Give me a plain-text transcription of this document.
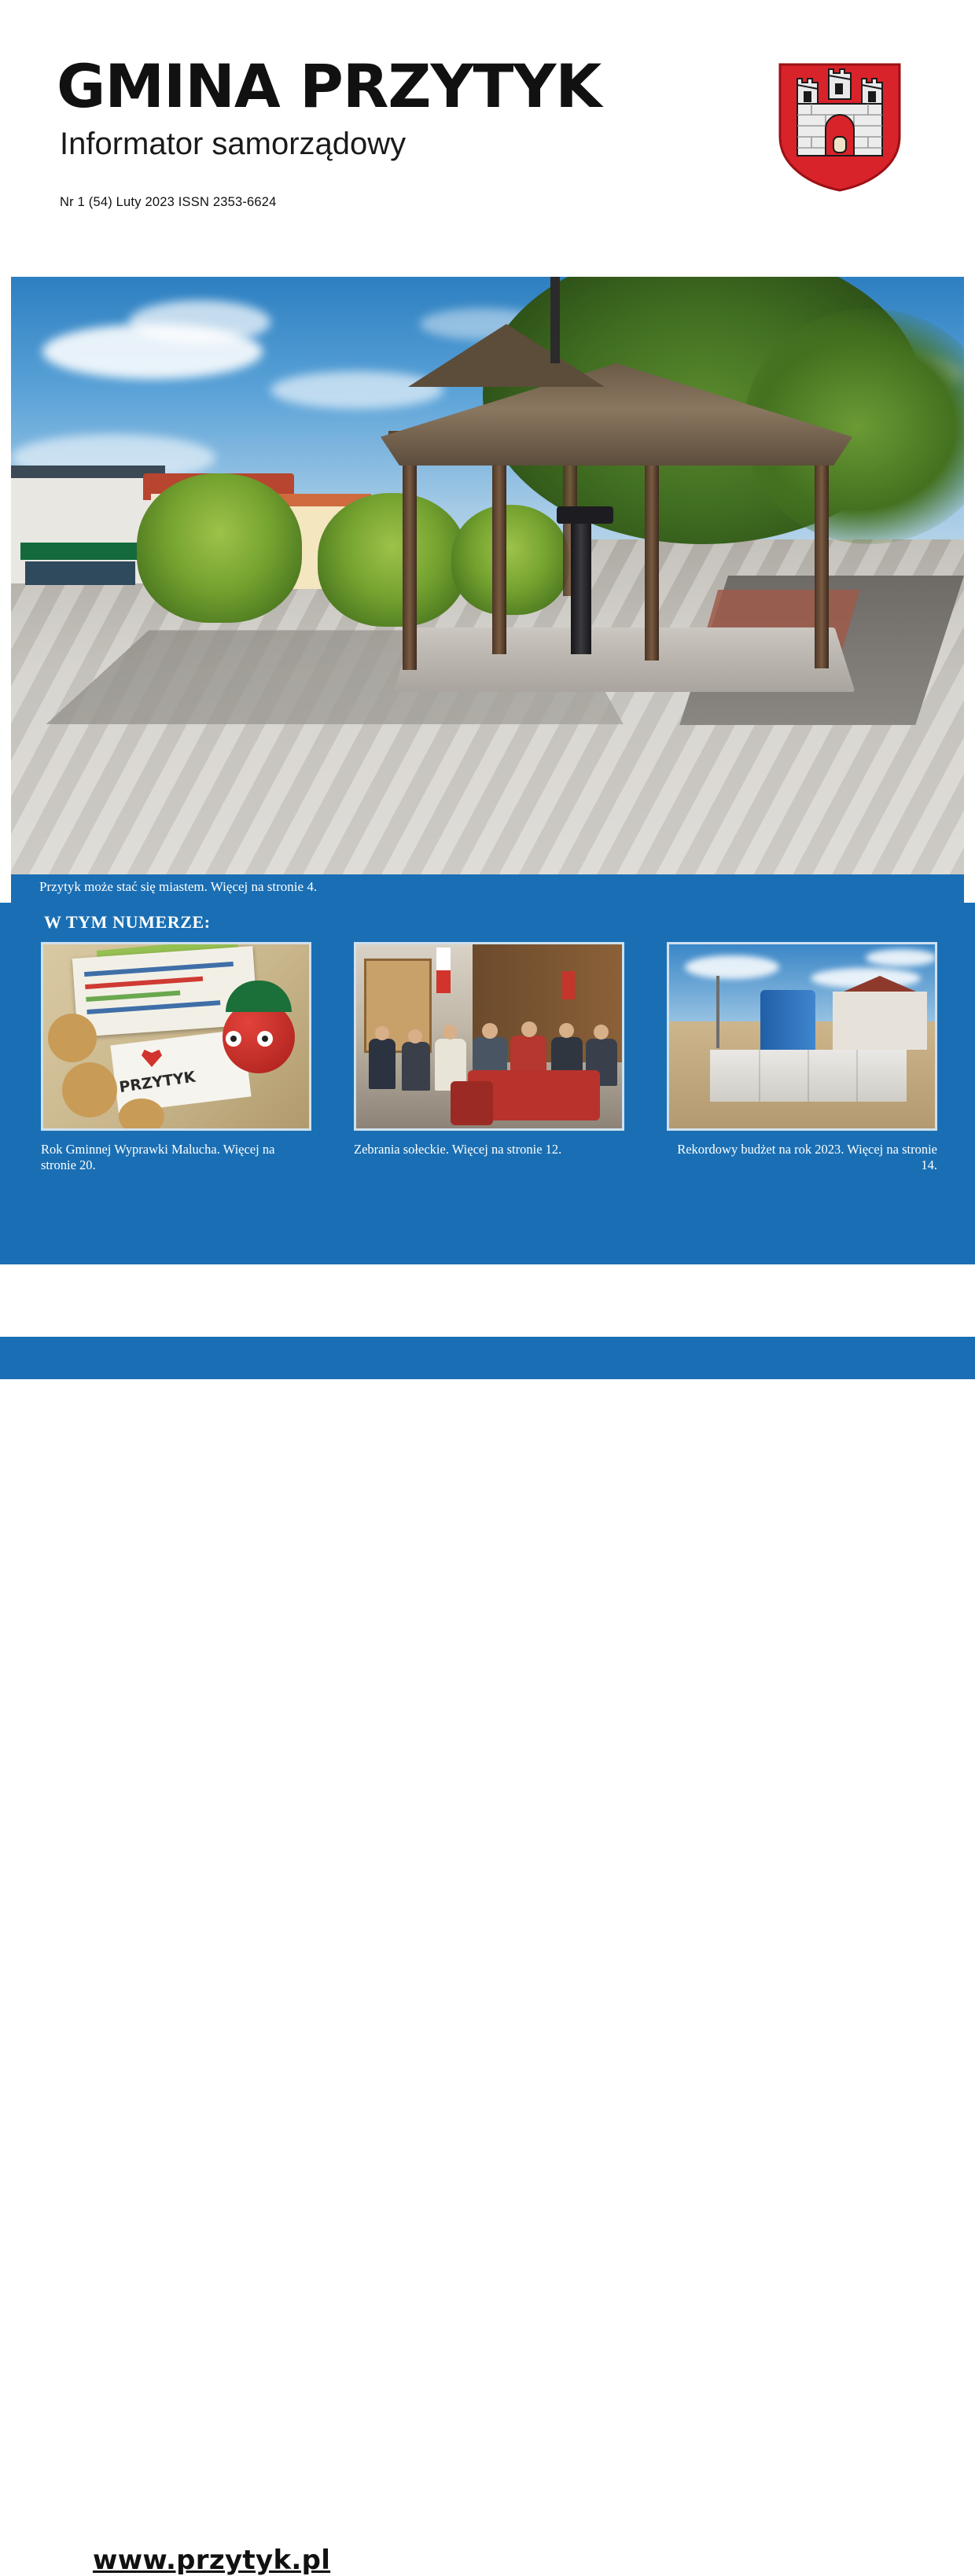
GMINA PRZYTYK
Informator samorządowy
Nr 1 (54) Luty 2023 ISSN 2353-6624
Przytyk może stać się miastem. Więcej na stronie 4.
W TYM NUMERZE:
PRZYTYK
Rok Gminnej Wyprawki Malucha. Więcej na stronie 20.
Zebrania sołeckie. Więcej na stronie 12.	Rekordowy budżet na rok 2023. Więcej na stronie 14.
www.przytyk.pl
